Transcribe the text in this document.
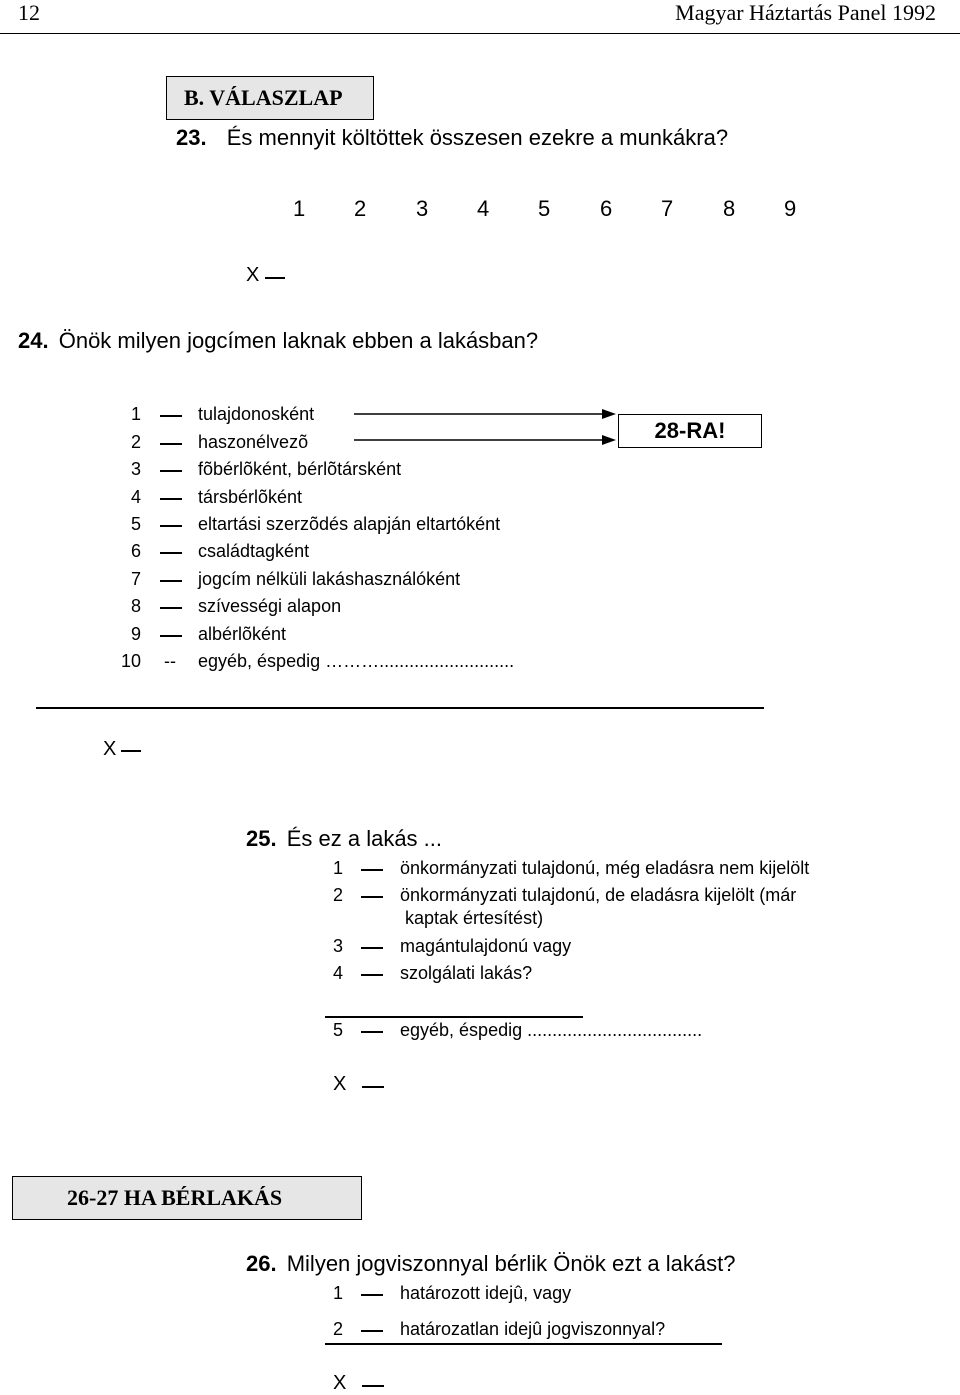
12	Magyar Háztartás Panel 1992
B. VÁLASZLAP
23. És mennyit költöttek összesen ezekre a munkákra?
1 2 3 4 5 6 7 8 9
X
24. Önök milyen jogcímen laknak ebben a lakásban?
1	tulajdonosként
2	haszonélvezõ
3	fõbérlõként, bérlõtársként
4	társbérlõként
5	eltartási szerzõdés alapján eltartóként
6	családtagként
7	jogcím nélküli lakáshasználóként
8	szívességi alapon
9	albérlõként
10 -- egyéb, éspedig ………...........................
28-RA!
X
25. És ez a lakás ...
1	önkormányzati tulajdonú, még eladásra nem kijelölt
2	önkormányzati tulajdonú, de eladásra kijelölt (már
kaptak értesítést)
3	magántulajdonú vagy
4	szolgálati lakás?
5	egyéb, éspedig ...................................
X
26-27 HA BÉRLAKÁS
26. Milyen jogviszonnyal bérlik Önök ezt a lakást?
1	határozott idejû, vagy
2	határozatlan idejû jogviszonnyal?
X
